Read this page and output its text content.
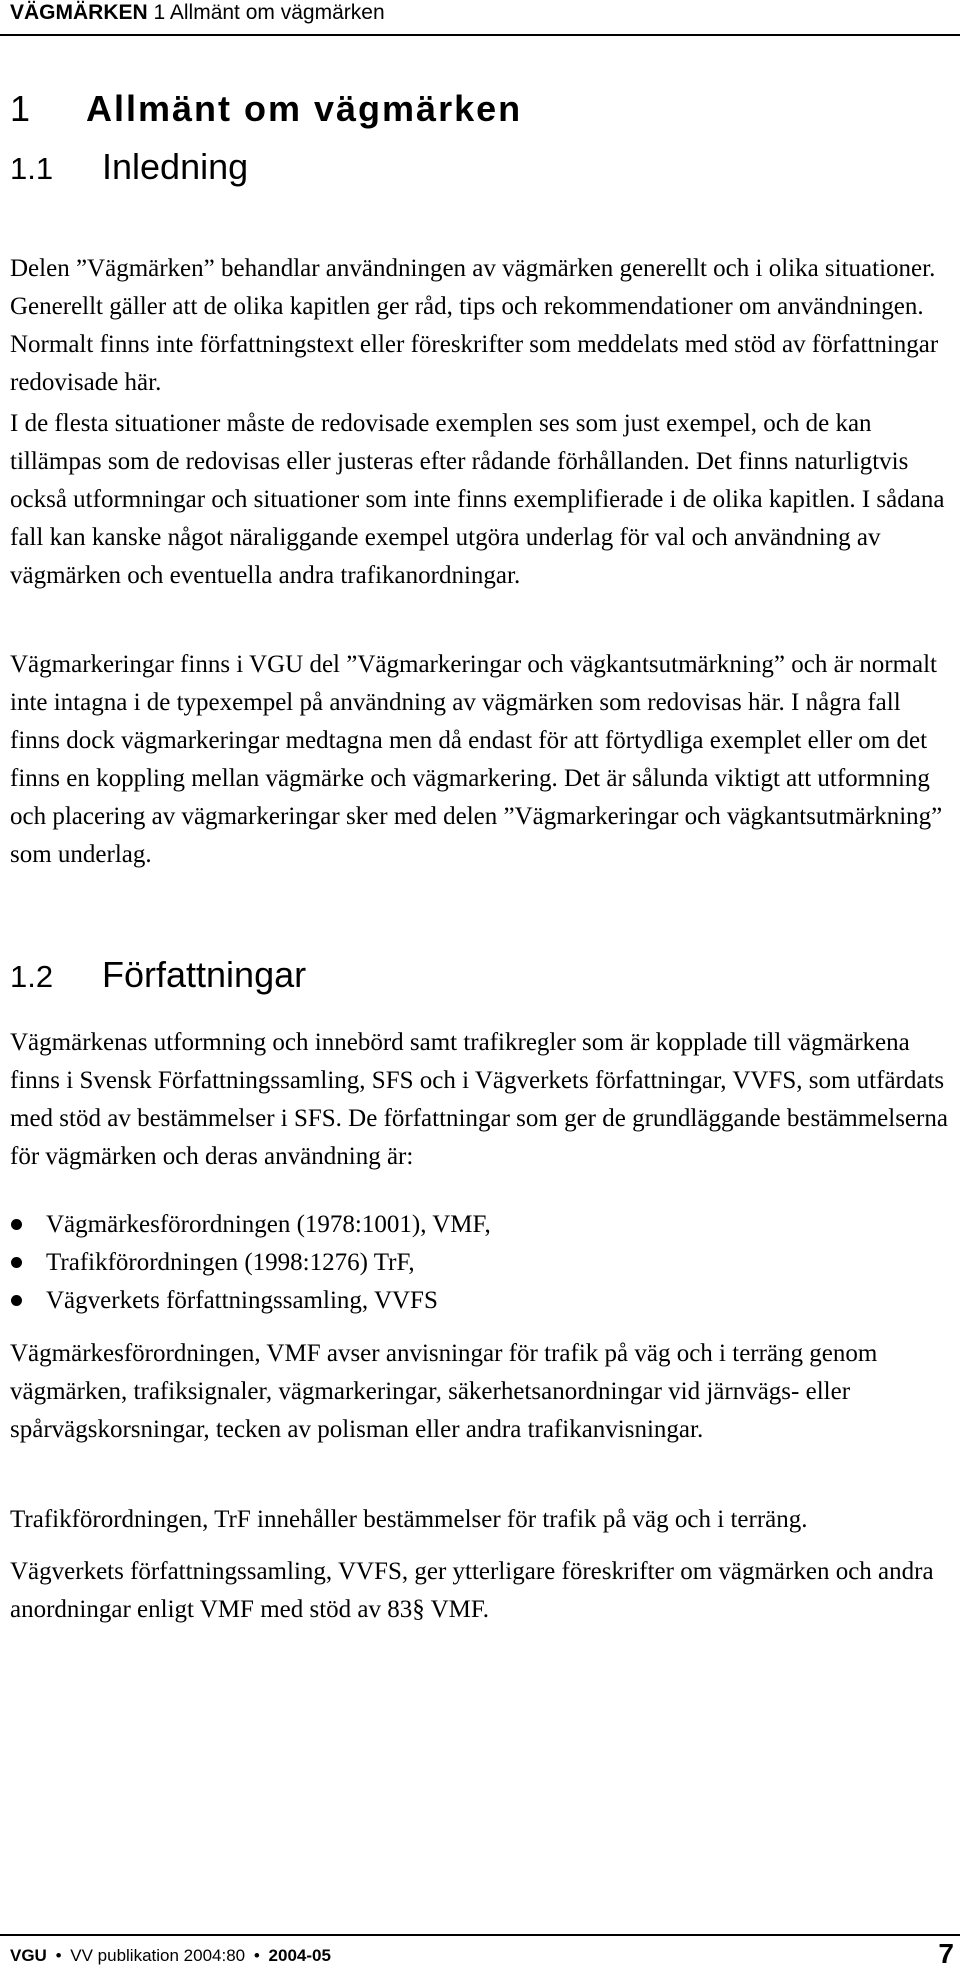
VÄGMÄRKEN 1 Allmänt om vägmärken
1 Allmänt om vägmärken
1.1 Inledning

Delen ”Vägmärken” behandlar användningen av vägmärken generellt och i olika situationer. Generellt gäller att de olika kapitlen ger råd, tips och rekommendationer om användningen. Normalt finns inte författningstext eller föreskrifter som meddelats med stöd av författningar redovisade här.

I de flesta situationer måste de redovisade exemplen ses som just exempel, och de kan tillämpas som de redovisas eller justeras efter rådande förhållanden. Det finns naturligtvis också utformningar och situationer som inte finns exemplifierade i de olika kapitlen. I sådana fall kan kanske något näraliggande exempel utgöra underlag för val och användning av vägmärken och eventuella andra trafikanordningar.

Vägmarkeringar finns i VGU del ”Vägmarkeringar och vägkantsutmärkning” och är normalt inte intagna i de typexempel på användning av vägmärken som redovisas här. I några fall finns dock vägmarkeringar medtagna men då endast för att förtydliga exemplet eller om det finns en koppling mellan vägmärke och vägmarkering. Det är sålunda viktigt att utformning och placering av vägmarkeringar sker med delen ”Vägmarkeringar och vägkantsutmärkning” som underlag.

1.2 Författningar

Vägmärkenas utformning och innebörd samt trafikregler som är kopplade till vägmärkena finns i Svensk Författningssamling, SFS och i Vägverkets författningar, VVFS, som utfärdats med stöd av bestämmelser i SFS. De författningar som ger de grundläggande bestämmelserna för vägmärken och deras användning är:

Vägmärkesförordningen (1978:1001), VMF,
Trafikförordningen (1998:1276) TrF,
Vägverkets författningssamling, VVFS

Vägmärkesförordningen, VMF avser anvisningar för trafik på väg och i terräng genom vägmärken, trafiksignaler, vägmarkeringar, säkerhetsanordningar vid järnvägs- eller spårvägskorsningar, tecken av polisman eller andra trafikanvisningar.

Trafikförordningen, TrF innehåller bestämmelser för trafik på väg och i terräng.

Vägverkets författningssamling, VVFS, ger ytterligare föreskrifter om vägmärken och andra anordningar enligt VMF med stöd av 83§ VMF.

VGU • VV publikation 2004:80 • 2004-05	7
